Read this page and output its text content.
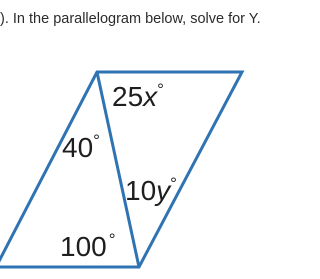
). In the parallelogram below, solve for Y.
25x°
40°
10y°
100 °
